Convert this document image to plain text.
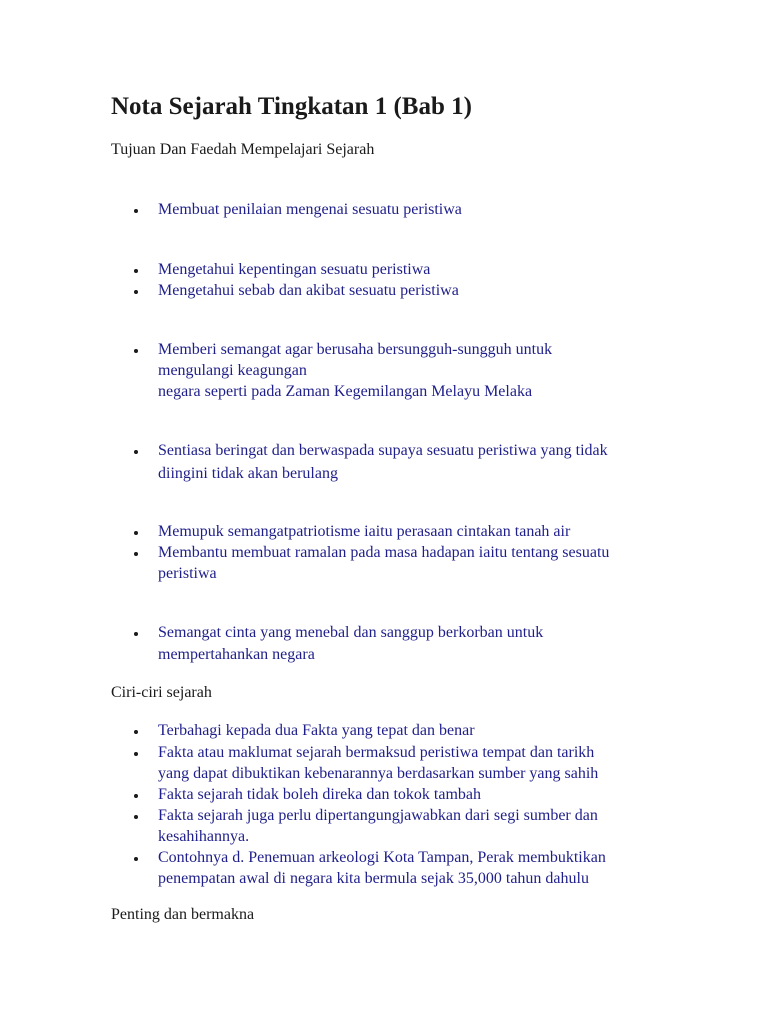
Nota Sejarah Tingkatan 1 (Bab 1)

Tujuan Dan Faedah Mempelajari Sejarah

Membuat penilaian mengenai sesuatu peristiwa
Mengetahui kepentingan sesuatu peristiwa
Mengetahui sebab dan akibat sesuatu peristiwa
Memberi semangat agar berusaha bersungguh-sungguh untuk
mengulangi keagungan
negara seperti pada Zaman Kegemilangan Melayu Melaka
Sentiasa beringat dan berwaspada supaya sesuatu peristiwa yang tidak
diingini tidak akan berulang
Memupuk semangatpatriotisme iaitu perasaan cintakan tanah air
Membantu membuat ramalan pada masa hadapan iaitu tentang sesuatu
peristiwa
Semangat cinta yang menebal dan sanggup berkorban untuk
mempertahankan negara

Ciri-ciri sejarah

Terbahagi kepada dua Fakta yang tepat dan benar
Fakta atau maklumat sejarah bermaksud peristiwa tempat dan tarikh
yang dapat dibuktikan kebenarannya berdasarkan sumber yang sahih
Fakta sejarah tidak boleh direka dan tokok tambah
Fakta sejarah juga perlu dipertangungjawabkan dari segi sumber dan
kesahihannya.
Contohnya d. Penemuan arkeologi Kota Tampan, Perak membuktikan
penempatan awal di negara kita bermula sejak 35,000 tahun dahulu

Penting dan bermakna
